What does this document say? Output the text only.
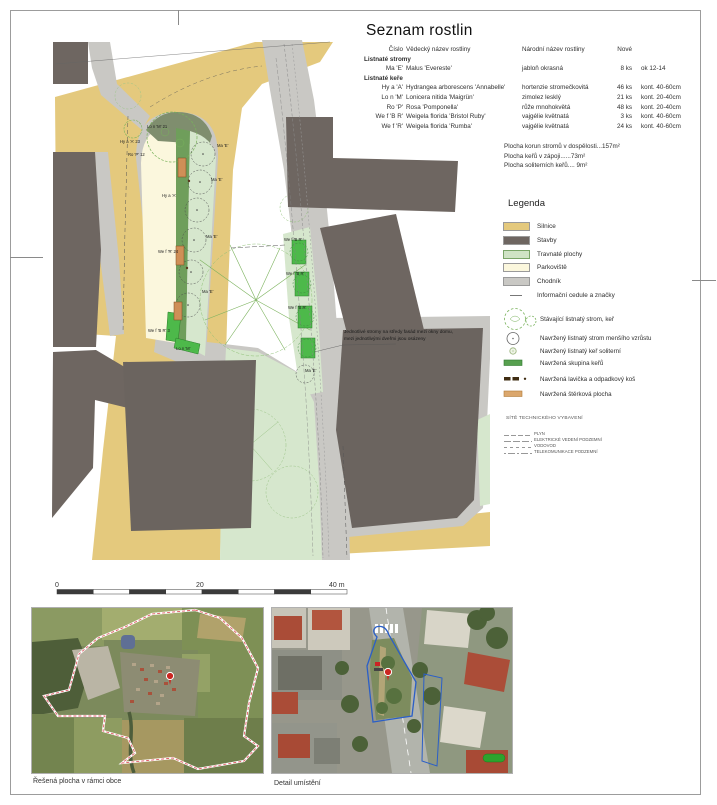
Seznam rostlin
Číslo Vědecký název rostliny	Národní název rostliny	Nové
Listnaté stromy
Ma 'E' Malus 'Evereste'	jabloň okrasná	8 ks ok 12-14
Listnaté keře
Hy a 'A' Hydrangea arborescens 'Annabelle'	hortenzie stromečkovitá	46 ks kont. 40-60cm
Lo n 'M' Lonicera nitida 'Maigrün'	zimolez lesklý	21 ks kont. 20-40cm
Ro 'P' Rosa 'Pomponella'	růže mnohokvětá	48 ks kont. 20-40cm
We f 'B R' Weigela florida 'Bristol Ruby'	vajgélie květnatá	3 ks kont. 40-60cm
We f 'R' Weigela florida 'Rumba'	vajgélie květnatá	24 ks kont. 40-60cm
Plocha korun stromů v dospělosti...157m²
Plocha keřů v zápoji......73m²
Plocha soliterních keřů.... 9m²
Legenda
Silnice
Stavby
Travnaté plochy
Parkoviště
Chodník
Informační cedule a značky
Stávající listnatý strom, keř
Navržený listnatý strom menšího vzrůstu
Navržený listnatý keř soliterní
Navržená skupina keřů
Navržená lavička a odpadkový koš
Navržená štěrková plocha
SÍTĚ TECHNICKÉHO VYBAVENÍ
PLYN
ELEKTRICKÉ VEDENÍ PODZEMNÍ
VODOVOD
TELEKOMUNIKACE PODZEMNÍ
Lo n 'M' 21
Hy a 'A' 23
Ro 'P' 12
Ma 'E'
Hy a 'A'
Ma 'E'
We f 'R' 24
Ma 'E'
Ma 'E'
We f 'B R' 3
Lo n 'M'
We f 'B R'
We f 'B R'
We f 'B R'
Ma 'E'
Jednotlivé stromy na středy fasád mezi okny domu,
mezi jednotlivými dveřmi jsou osázeny
0	20	40 m
Řešená plocha v rámci obce	Detail umístění
